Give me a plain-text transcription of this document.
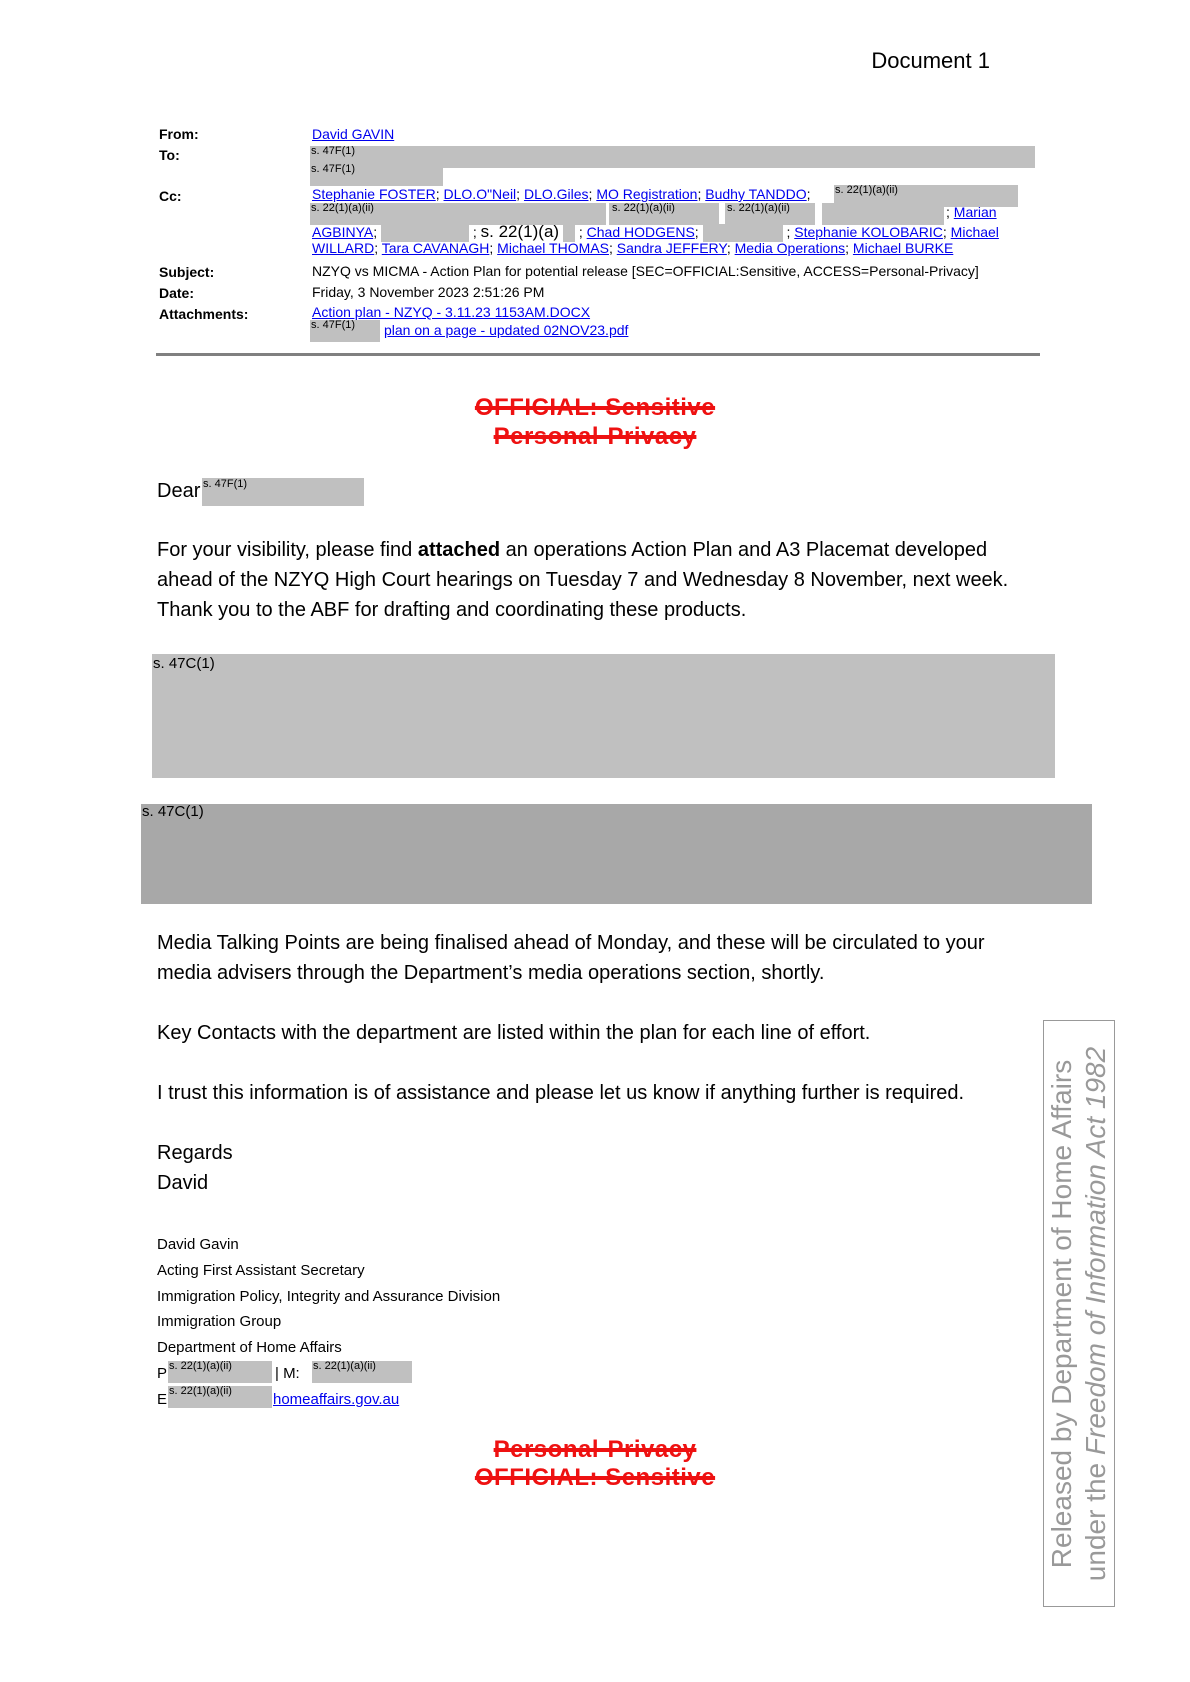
Document 1
From:	David GAVIN
To:	s. 47F(1)
s. 47F(1)
Cc:	Stephanie FOSTER; DLO.O"Neil; DLO.Giles; MO Registration; Budhy TANDDO; s. 22(1)(a)(ii)
s. 22(1)(a)(ii)	s. 22(1)(a)(ii)	s. 22(1)(a)(ii)	; Marian
AGBINYA;	; s. 22(1)(a)  ; Chad HODGENS;	; Stephanie KOLOBARIC; Michael
WILLARD; Tara CAVANAGH; Michael THOMAS; Sandra JEFFERY; Media Operations; Michael BURKE
Subject:	NZYQ vs MICMA - Action Plan for potential release [SEC=OFFICIAL:Sensitive, ACCESS=Personal-Privacy]
Date:	Friday, 3 November 2023 2:51:26 PM
Attachments:	Action plan - NZYQ - 3.11.23 1153AM.DOCX
s. 47F(1) plan on a page - updated 02NOV23.pdf
OFFICIAL: Sensitive
Personal-Privacy
Dear s. 47F(1)
For your visibility, please find attached an operations Action Plan and A3 Placemat developed ahead of the NZYQ High Court hearings on Tuesday 7 and Wednesday 8 November, next week. Thank you to the ABF for drafting and coordinating these products.
s. 47C(1)
s. 47C(1)
Media Talking Points are being finalised ahead of Monday, and these will be circulated to your media advisers through the Department’s media operations section, shortly.
Key Contacts with the department are listed within the plan for each line of effort.
I trust this information is of assistance and please let us know if anything further is required.
Regards
David
David Gavin
Acting First Assistant Secretary
Immigration Policy, Integrity and Assurance Division
Immigration Group
Department of Home Affairs
P s. 22(1)(a)(ii)	| M: s. 22(1)(a)(ii)
E s. 22(1)(a)(ii)	homeaffairs.gov.au
Personal-Privacy
OFFICIAL: Sensitive	Released by Department of Home Affairs under the Freedom of Information Act 1982
